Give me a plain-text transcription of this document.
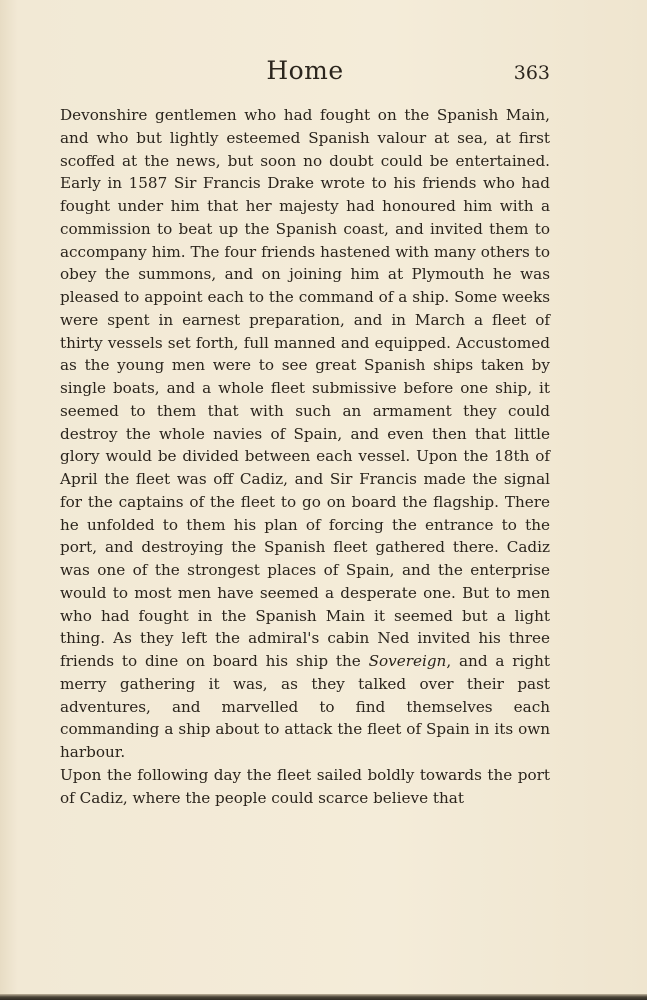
Home	363

Devonshire gentlemen who had fought on the Spanish Main, and who but lightly esteemed Spanish valour at sea, at first scoffed at the news, but soon no doubt could be entertained. Early in 1587 Sir Francis Drake wrote to his friends who had fought under him that her majesty had honoured him with a commission to beat up the Spanish coast, and invited them to accompany him. The four friends hastened with many others to obey the summons, and on joining him at Plymouth he was pleased to appoint each to the command of a ship. Some weeks were spent in earnest preparation, and in March a fleet of thirty vessels set forth, full manned and equipped. Accustomed as the young men were to see great Spanish ships taken by single boats, and a whole fleet submissive before one ship, it seemed to them that with such an armament they could destroy the whole navies of Spain, and even then that little glory would be divided between each vessel. Upon the 18th of April the fleet was off Cadiz, and Sir Francis made the signal for the captains of the fleet to go on board the flagship. There he unfolded to them his plan of forcing the entrance to the port, and destroying the Spanish fleet gathered there. Cadiz was one of the strongest places of Spain, and the enterprise would to most men have seemed a desperate one. But to men who had fought in the Spanish Main it seemed but a light thing. As they left the admiral's cabin Ned invited his three friends to dine on board his ship the Sovereign, and a right merry gathering it was, as they talked over their past adventures, and marvelled to find themselves each commanding a ship about to attack the fleet of Spain in its own harbour.

Upon the following day the fleet sailed boldly towards the port of Cadiz, where the people could scarce believe that
